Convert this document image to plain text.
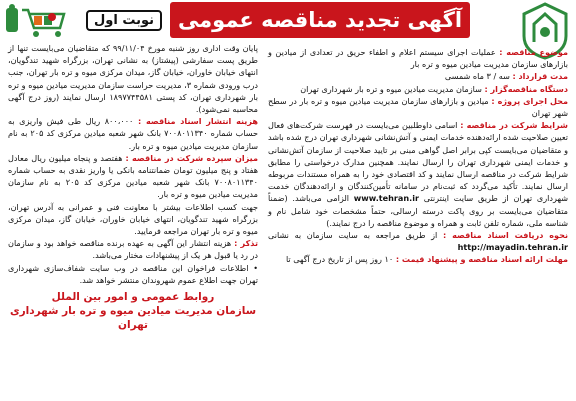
نوبت اول	آگهی تجدید مناقصه عمومی

موضوع مناقصه : عملیات اجرای سیستم اعلام و اطفاء حریق در تعدادی از میادین و بازارهای سازمان مدیریت میادین میوه و تره بار

مدت قرارداد : سه / ۳ ماه شمسی

دستگاه مناقصه‌گزار : سازمان مدیریت میادین میوه و تره بار شهرداری تهران

محل اجرای پروژه : میادین و بازارهای سازمان مدیریت میادین میوه و تره بار در سطح شهر تهران

شرایط شرکت در مناقصه : اسامی داوطلبین می‌بایست در فهرست شرکت‌های فعال تعیین صلاحیت شده ارائه‌دهنده خدمات ایمنی و آتش‌نشانی شهرداری تهران درج شده باشد و متقاضیان می‌بایست کپی برابر اصل گواهی مبنی بر تایید صلاحیت از سازمان آتش‌نشانی و خدمات ایمنی شهرداری تهران را ارسال نمایند. همچنین مدارک درخواستی را مطابق شرایط شرکت در مناقصه ارسال نمایند و کد اقتصادی خود را به همراه مستندات مربوطه ارسال نمایند. تأکید می‌گردد که ثبت‌نام در سامانه تأمین‌کنندگان و ارائه‌دهندگان خدمت شهرداری تهران از طریق سایت اینترنتی www.tehran.ir الزامی می‌باشد. (ضمناً متقاضیان می‌بایست بر روی پاکت درسته ارسالی، حتماً مشخصات خود شامل نام و شناسه ملی، شماره تلفن ثابت و همراه و موضوع مناقصه را درج نمایند.)

نحوه دریافت اسناد مناقصه : از طریق مراجعه به سایت سازمان به نشانی http://mayadin.tehran.ir

مهلت ارائه اسناد مناقصه و پیشنهاد قیمت : ۱۰ روز پس از تاریخ درج آگهی تا

پایان وقت اداری روز شنبه مورخ ۹۹/۱۱/۰۴ که متقاضیان می‌بایست تنها از طریق پست سفارشی (پیشتاز) به نشانی تهران، بزرگراه شهید تندگویان، انتهای خیابان خاوران، خیابان گاز، میدان مرکزی میوه و تره بار تهران، جنب درب ورودی شماره ۳، مدیریت حراست سازمان مدیریت میادین میوه و تره بار شهرداری تهران، کد پستی ۱۸۹۷۷۴۴۵۸۱ ارسال نمایند (روز درج آگهی محاسبه نمی‌شود).

هزینه انتشار اسناد مناقصه : ۸۰۰،۰۰۰ ریال طی فیش واریزی به حساب شماره ۷۰۰۸۰۱۱۳۴۰ بانک شهر شعبه میادین مرکزی کد ۲۰۵ به نام سازمان مدیریت میادین میوه و تره بار.

میزان سپرده شرکت در مناقصه : هفتصد و پنجاه میلیون ریال معادل هفتاد و پنج میلیون تومان ضمانتنامه بانکی یا واریز نقدی به حساب شماره ۷۰۰۸۰۱۱۳۴۰ بانک شهر شعبه میادین مرکزی کد ۲۰۵ به نام سازمان مدیریت میادین میوه و تره بار.

جهت کسب اطلاعات بیشتر با معاونت فنی و عمرانی به آدرس تهران، بزرگراه شهید تندگویان، انتهای خیابان خاوران، خیابان گاز، میدان مرکزی میوه و تره بار تهران مراجعه فرمایید.

تذکر : هزینه انتشار این آگهی به عهده برنده مناقصه خواهد بود و سازمان در رد یا قبول هر یک از پیشنهادات مختار می‌باشد.

• اطلاعات فراخوان این مناقصه در وب سایت شفاف‌سازی شهرداری تهران جهت اطلاع عموم شهروندان منتشر خواهد شد.

روابط عمومی و امور بین الملل
سازمان مدیریت میادین میوه و تره بار شهرداری تهران
